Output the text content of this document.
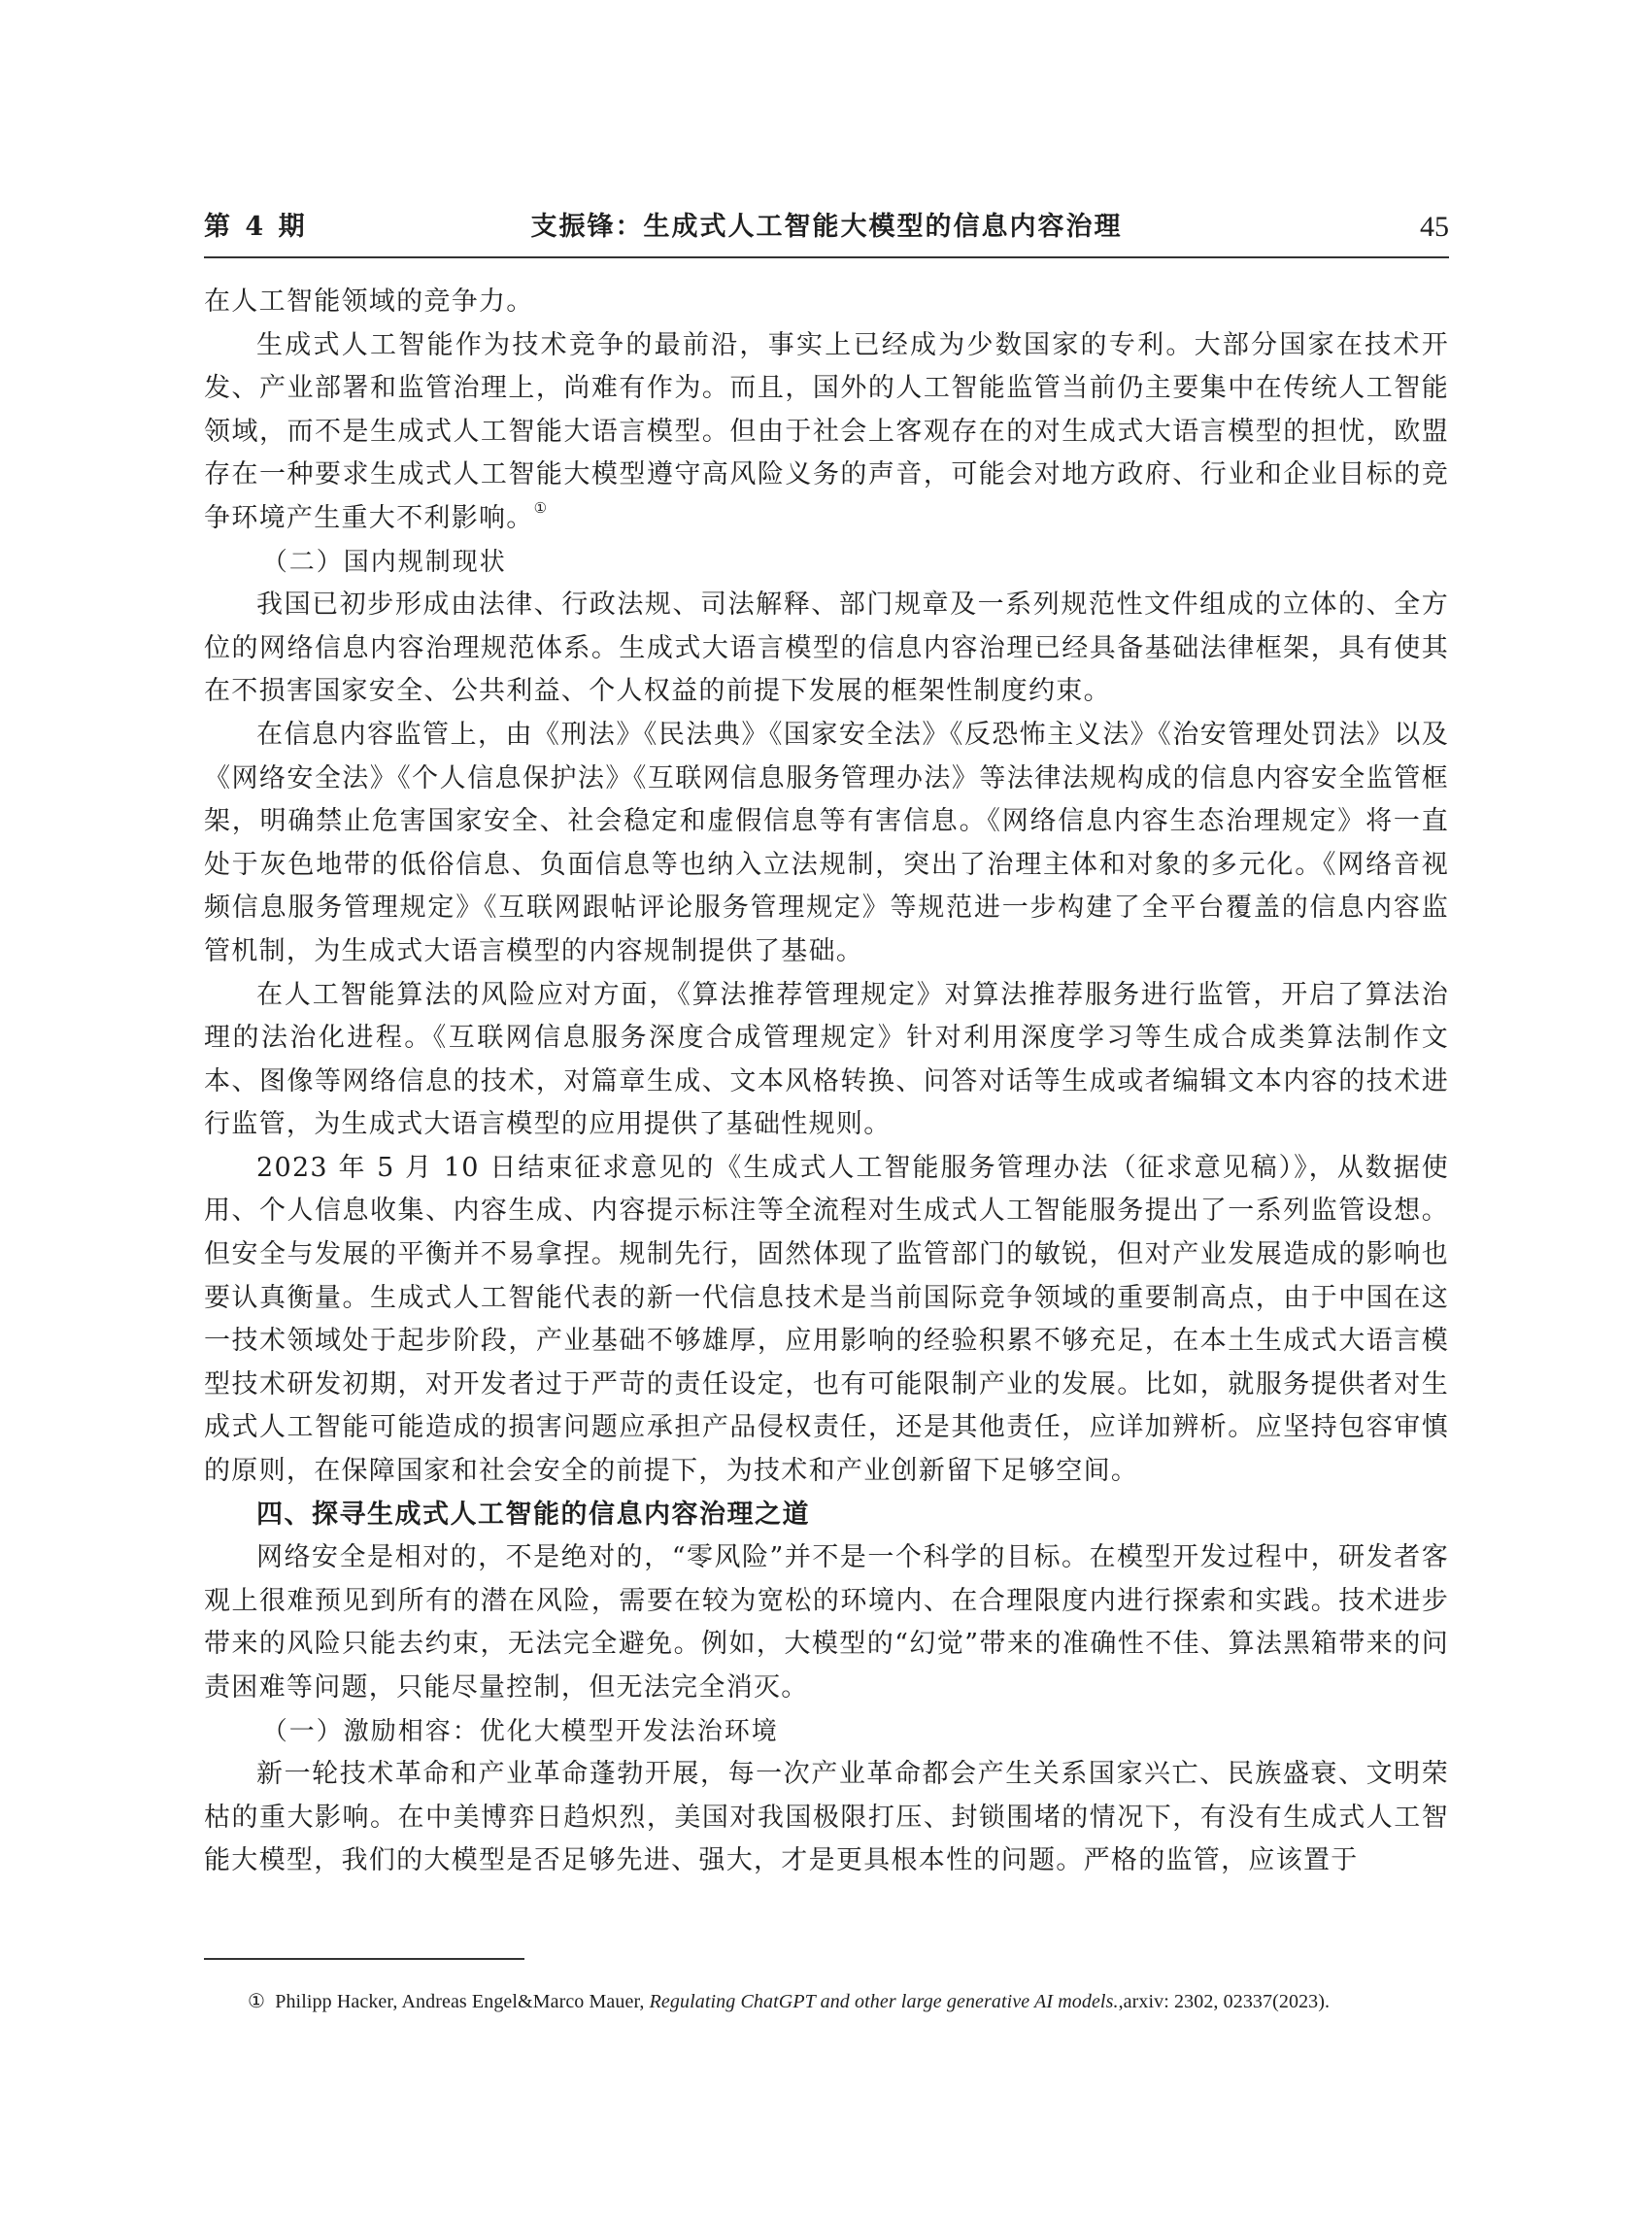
第 4 期	支振锋：生成式人工智能大模型的信息内容治理	45

在人工智能领域的竞争力。

生成式人工智能作为技术竞争的最前沿，事实上已经成为少数国家的专利。大部分国家在技术开发、产业部署和监管治理上，尚难有作为。而且，国外的人工智能监管当前仍主要集中在传统人工智能领域，而不是生成式人工智能大语言模型。但由于社会上客观存在的对生成式大语言模型的担忧，欧盟存在一种要求生成式人工智能大模型遵守高风险义务的声音，可能会对地方政府、行业和企业目标的竞争环境产生重大不利影响。①

（二）国内规制现状

我国已初步形成由法律、行政法规、司法解释、部门规章及一系列规范性文件组成的立体的、全方位的网络信息内容治理规范体系。生成式大语言模型的信息内容治理已经具备基础法律框架，具有使其在不损害国家安全、公共利益、个人权益的前提下发展的框架性制度约束。

在信息内容监管上，由《刑法》《民法典》《国家安全法》《反恐怖主义法》《治安管理处罚法》以及《网络安全法》《个人信息保护法》《互联网信息服务管理办法》等法律法规构成的信息内容安全监管框架，明确禁止危害国家安全、社会稳定和虚假信息等有害信息。《网络信息内容生态治理规定》将一直处于灰色地带的低俗信息、负面信息等也纳入立法规制，突出了治理主体和对象的多元化。《网络音视频信息服务管理规定》《互联网跟帖评论服务管理规定》等规范进一步构建了全平台覆盖的信息内容监管机制，为生成式大语言模型的内容规制提供了基础。

在人工智能算法的风险应对方面，《算法推荐管理规定》对算法推荐服务进行监管，开启了算法治理的法治化进程。《互联网信息服务深度合成管理规定》针对利用深度学习等生成合成类算法制作文本、图像等网络信息的技术，对篇章生成、文本风格转换、问答对话等生成或者编辑文本内容的技术进行监管，为生成式大语言模型的应用提供了基础性规则。

2023 年 5 月 10 日结束征求意见的《生成式人工智能服务管理办法（征求意见稿）》，从数据使用、个人信息收集、内容生成、内容提示标注等全流程对生成式人工智能服务提出了一系列监管设想。但安全与发展的平衡并不易拿捏。规制先行，固然体现了监管部门的敏锐，但对产业发展造成的影响也要认真衡量。生成式人工智能代表的新一代信息技术是当前国际竞争领域的重要制高点，由于中国在这一技术领域处于起步阶段，产业基础不够雄厚，应用影响的经验积累不够充足，在本土生成式大语言模型技术研发初期，对开发者过于严苛的责任设定，也有可能限制产业的发展。比如，就服务提供者对生成式人工智能可能造成的损害问题应承担产品侵权责任，还是其他责任，应详加辨析。应坚持包容审慎的原则，在保障国家和社会安全的前提下，为技术和产业创新留下足够空间。

四、探寻生成式人工智能的信息内容治理之道

网络安全是相对的，不是绝对的，“零风险”并不是一个科学的目标。在模型开发过程中，研发者客观上很难预见到所有的潜在风险，需要在较为宽松的环境内、在合理限度内进行探索和实践。技术进步带来的风险只能去约束，无法完全避免。例如，大模型的“幻觉”带来的准确性不佳、算法黑箱带来的问责困难等问题，只能尽量控制，但无法完全消灭。

（一）激励相容：优化大模型开发法治环境

新一轮技术革命和产业革命蓬勃开展，每一次产业革命都会产生关系国家兴亡、民族盛衰、文明荣枯的重大影响。在中美博弈日趋炽烈，美国对我国极限打压、封锁围堵的情况下，有没有生成式人工智能大模型，我们的大模型是否足够先进、强大，才是更具根本性的问题。严格的监管，应该置于

① Philipp Hacker, Andreas Engel&Marco Mauer, Regulating ChatGPT and other large generative AI models.,arxiv: 2302, 02337(2023).
